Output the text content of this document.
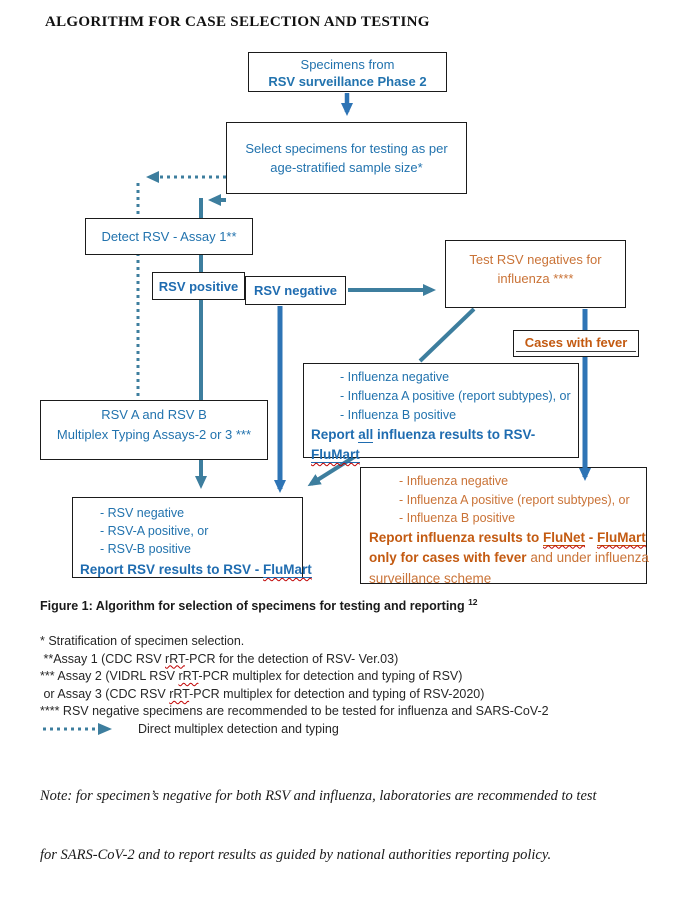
ALGORITHM FOR CASE SELECTION AND TESTING
Specimens from
RSV surveillance Phase 2
Select specimens for testing as per
age-stratified sample size*
Detect RSV - Assay 1**
RSV positive RSV negative
Test RSV negatives for
influenza ****
Cases with fever
RSV A and RSV B
Multiplex Typing Assays-2 or 3 ***
- Influenza negative
- Influenza A positive (report subtypes), or
- Influenza B positive
Report all influenza results to RSV-
FluMart
- RSV negative
- RSV-A positive, or
- RSV-B positive
Report RSV results to RSV - FluMart
- Influenza negative
- Influenza A positive (report subtypes), or
- Influenza B positive
Report influenza results to FluNet - FluMart
only for cases with fever and under influenza
surveillance scheme
Figure 1: Algorithm for selection of specimens for testing and reporting $^{12}$
* Stratification of specimen selection.
**Assay 1 (CDC RSV rRT-PCR for the detection of RSV- Ver.03)
*** Assay 2 (VIDRL RSV rRT-PCR multiplex for detection and typing of RSV)
or Assay 3 (CDC RSV rRT-PCR multiplex for detection and typing of RSV-2020)
**** RSV negative specimens are recommended to be tested for influenza and SARS-CoV-2
Direct multiplex detection and typing

Note: for specimen’s negative for both RSV and influenza, laboratories are recommended to test

for SARS-CoV-2 and to report results as guided by national authorities reporting policy.
